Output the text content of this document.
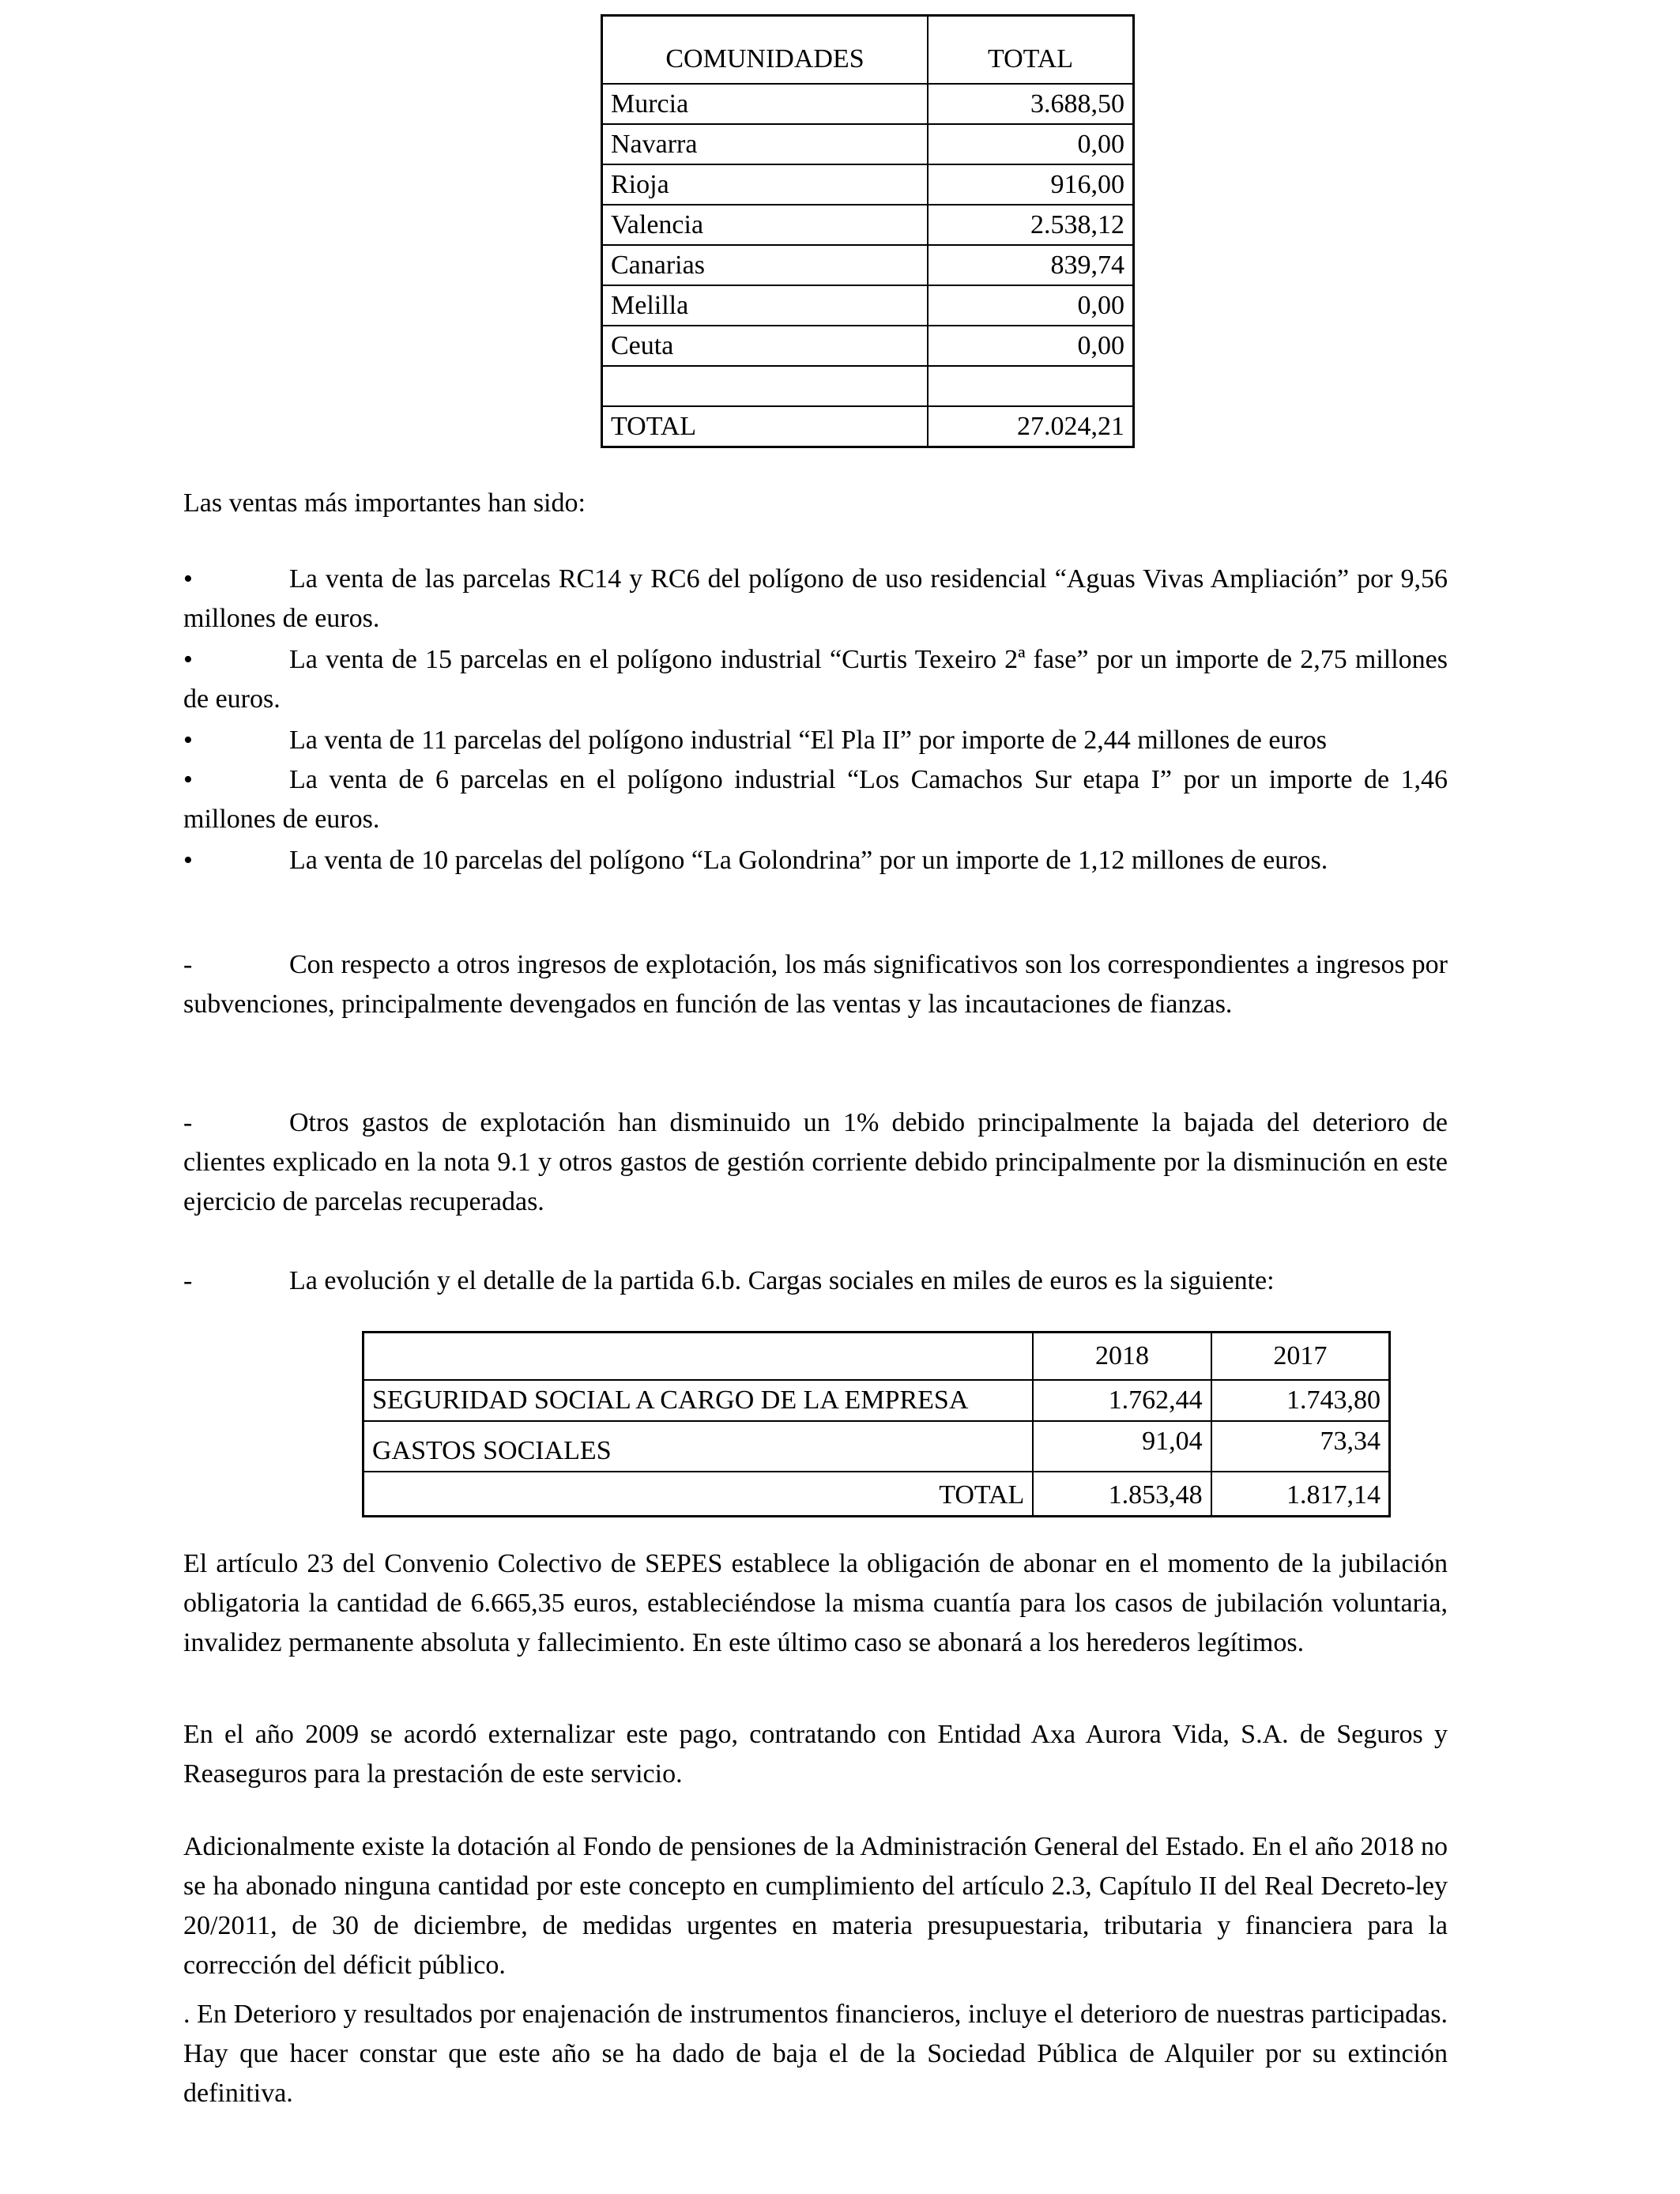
COMUNIDADES	TOTAL
Murcia	3.688,50
Navarra	0,00
Rioja	916,00
Valencia	2.538,12
Canarias	839,74
Melilla	0,00
Ceuta	0,00

TOTAL	27.024,21
Las ventas más importantes han sido:
•	La venta de las parcelas RC14 y RC6 del polígono de uso residencial “Aguas Vivas Ampliación” por 9,56 millones de euros.
•	La venta de 15 parcelas en el polígono industrial “Curtis Texeiro 2ª fase” por un importe de 2,75 millones de euros.
•	La venta de 11 parcelas del polígono industrial “El Pla II” por importe de 2,44 millones de euros
•	La venta de 6 parcelas en el polígono industrial “Los Camachos Sur etapa I” por un importe de 1,46 millones de euros.
•	La venta de 10 parcelas del polígono “La Golondrina” por un importe de 1,12 millones de euros.
-	Con respecto a otros ingresos de explotación, los más significativos son los correspondientes a ingresos por subvenciones, principalmente devengados en función de las ventas y las incautaciones de fianzas.
-	Otros gastos de explotación han disminuido un 1% debido principalmente la bajada del deterioro de clientes explicado en la nota 9.1 y otros gastos de gestión corriente debido principalmente por la disminución en este ejercicio de parcelas recuperadas.
-	La evolución y el detalle de la partida 6.b. Cargas sociales en miles de euros es la siguiente:
	2018	2017
SEGURIDAD SOCIAL A CARGO DE LA EMPRESA	1.762,44	1.743,80
GASTOS SOCIALES	91,04	73,34
TOTAL	1.853,48	1.817,14
El artículo 23 del Convenio Colectivo de SEPES establece la obligación de abonar en el momento de la jubilación obligatoria la cantidad de 6.665,35 euros, estableciéndose la misma cuantía para los casos de jubilación voluntaria, invalidez permanente absoluta y fallecimiento. En este último caso se abonará a los herederos legítimos.
En el año 2009 se acordó externalizar este pago, contratando con Entidad Axa Aurora Vida, S.A. de Seguros y Reaseguros para la prestación de este servicio.
Adicionalmente existe la dotación al Fondo de pensiones de la Administración General del Estado. En el año 2018 no se ha abonado ninguna cantidad por este concepto en cumplimiento del artículo 2.3, Capítulo II del Real Decreto-ley 20/2011, de 30 de diciembre, de medidas urgentes en materia presupuestaria, tributaria y financiera para la corrección del déficit público.
. En Deterioro y resultados por enajenación de instrumentos financieros, incluye el deterioro de nuestras participadas. Hay que hacer constar que este año se ha dado de baja el de la Sociedad Pública de Alquiler por su extinción definitiva.
